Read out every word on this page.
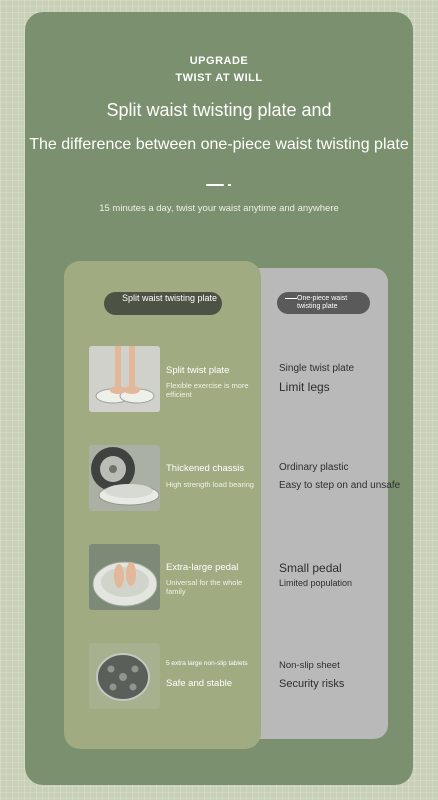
UPGRADE
TWIST AT WILL
Split waist twisting plate and
The difference between one-piece waist twisting plate
15 minutes a day, twist your waist anytime and anywhere
Split waist twisting plate	One-piece waist twisting plate
Split twist plate
Flexible exercise is more efficient
Single twist plate
Limit legs
Thickened chassis
High strength load bearing
Ordinary plastic
Easy to step on and unsafe
Extra-large pedal
Universal for the whole family
Small pedal
Limited population
5 extra large non-slip tablets
Safe and stable
Non-slip sheet
Security risks
